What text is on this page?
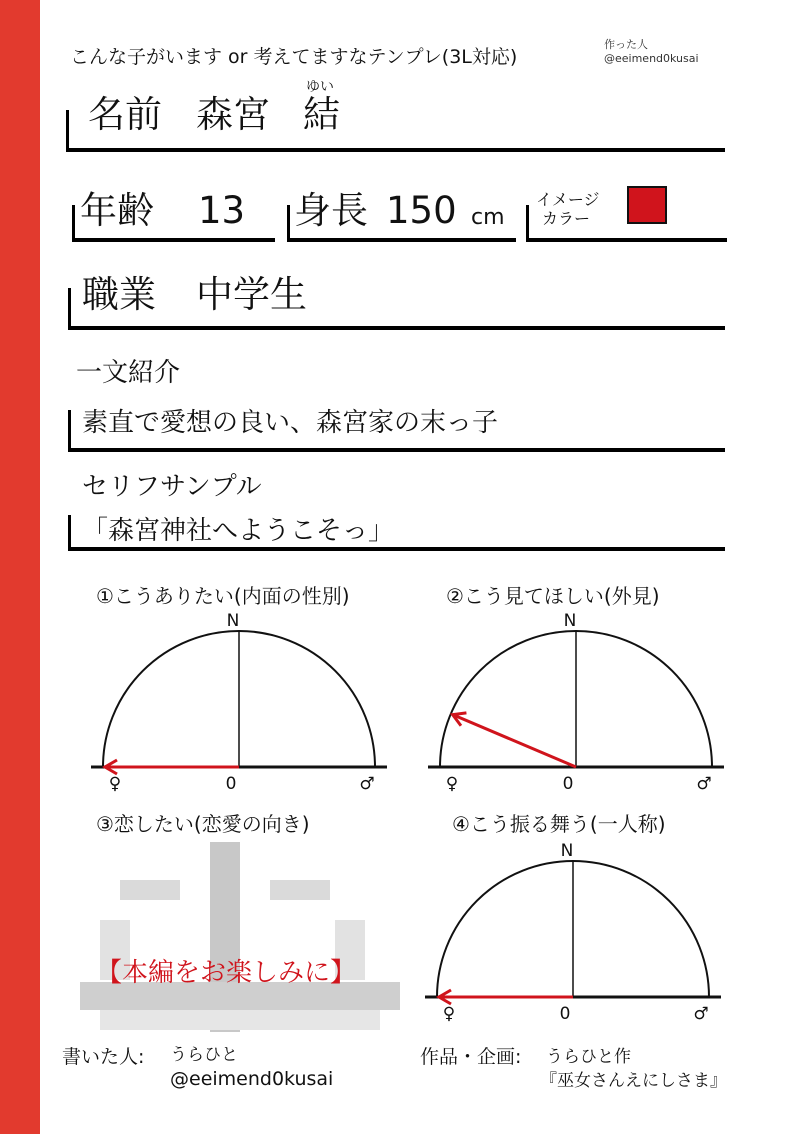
こんな子がいます or 考えてますなテンプレ(3L対応)
作った人
@eeimend0kusai
名前 森宮 結
ゆい
年齢 13 身長 150 cm
イメージ
カラー
職業 中学生
一文紹介
素直で愛想の良い、森宮家の末っ子
セリフサンプル
「森宮神社へようこそっ」
①こうありたい(内面の性別)	②こう見てほしい(外見)
③恋したい(恋愛の向き)	④こう振る舞う(一人称)
N
0
♀	♂
N
0
♀	♂
N
0
♀	♂
【本編をお楽しみに】
書いた人: うらひと
@eeimend0kusai
作品・企画: うらひと作
『巫女さんえにしさま』
